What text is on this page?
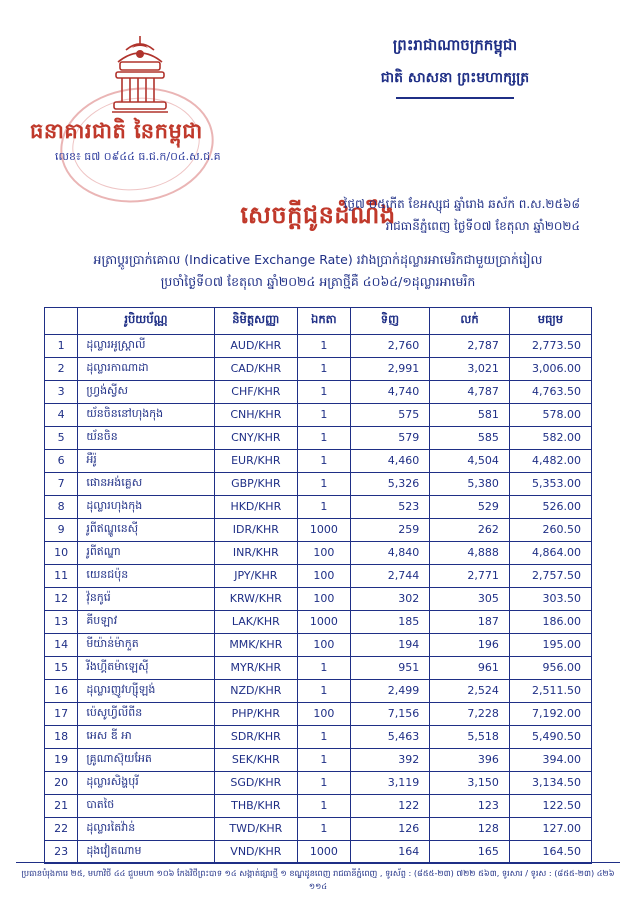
ធនាគារជាតិ នៃកម្ពុជា
លេខ៖ ធ៧ ០៩៤៤ ធ.ជ.ក/០៤.ស.ជ.គ
ព្រះរាជាណាចក្រកម្ពុជា
ជាតិ សាសនា ព្រះមហាក្សត្រ
ថ្ងៃ៧ ០៥កើត ខែអស្សុជ ឆ្នាំរោង ឆស័ក ព.ស.២៥៦៨
រាជធានីភ្នំពេញ ថ្ងៃទី០៧ ខែតុលា ឆ្នាំ២០២៤
សេចក្តីជូនដំណឹង
អត្រាប្តូរប្រាក់គោល (Indicative Exchange Rate) រវាងប្រាក់ដុល្លារអាមេរិកជាមួយប្រាក់រៀល
ប្រចាំថ្ងៃទី០៧ ខែតុលា ឆ្នាំ២០២៤ អត្រាថ្មីគឺ ៤០៦៤/១ដុល្លារអាមេរិក
	រូបិយប័ណ្ណ	និមិត្តសញ្ញា	ឯកតា	ទិញ	លក់	មធ្យម
1	ដុល្លារអូស្ត្រាលី	AUD/KHR	1	2,760	2,787	2,773.50
2	ដុល្លារកាណាដា	CAD/KHR	1	2,991	3,021	3,006.00
3	ហ្រ្វង់ស្វីស	CHF/KHR	1	4,740	4,787	4,763.50
4	យ័នចិននៅហុងកុង	CNH/KHR	1	575	581	578.00
5	យ័នចិន	CNY/KHR	1	579	585	582.00
6	អឺរ៉ូ	EUR/KHR	1	4,460	4,504	4,482.00
7	ផោនអង់គ្លេស	GBP/KHR	1	5,326	5,380	5,353.00
8	ដុល្លារហុងកុង	HKD/KHR	1	523	529	526.00
9	រូពីឥណ្ឌូនេស៊ី	IDR/KHR	1000	259	262	260.50
10	រូពីឥណ្ឌា	INR/KHR	100	4,840	4,888	4,864.00
11	យេនជប៉ុន	JPY/KHR	100	2,744	2,771	2,757.50
12	វ៉ុនកូរ៉េ	KRW/KHR	100	302	305	303.50
13	គីបឡាវ	LAK/KHR	1000	185	187	186.00
14	មីយ៉ាន់ម៉ាកួត	MMK/KHR	100	194	196	195.00
15	រីងហ្គីតម៉ាឡេស៊ី	MYR/KHR	1	951	961	956.00
16	ដុល្លារញូវហ្ស៊ីឡង់	NZD/KHR	1	2,499	2,524	2,511.50
17	ប៉េសូហ្វីលីពីន	PHP/KHR	100	7,156	7,228	7,192.00
18	អេស ឌី អា	SDR/KHR	1	5,463	5,518	5,490.50
19	គ្រូណាស៊ុយអែត	SEK/KHR	1	392	396	394.00
20	ដុល្លារសិង្ហបុរី	SGD/KHR	1	3,119	3,150	3,134.50
21	បាតថៃ	THB/KHR	1	122	123	122.50
22	ដុល្លារតៃវ៉ាន់	TWD/KHR	1	126	128	127.00
23	ដុងវៀតណាម	VND/KHR	1000	164	165	164.50
ប្រធានបំរុងការេ ២៥, មហាវិថី ៤៤ ជួបមហា ១០៦ កែងវិថីព្រះបាទ ១៤ សង្កាត់ផ្សារថ្មី ១ ខណ្ឌដូនពេញ រាជធានីភ្នំពេញ , ទូរស័ព្ទ : (៨៥៥-២៣) ៧២២ ៥៦៣, ទូរសារ / ទូរស : (៨៥៥-២៣) ៤២៦ ១១៤
